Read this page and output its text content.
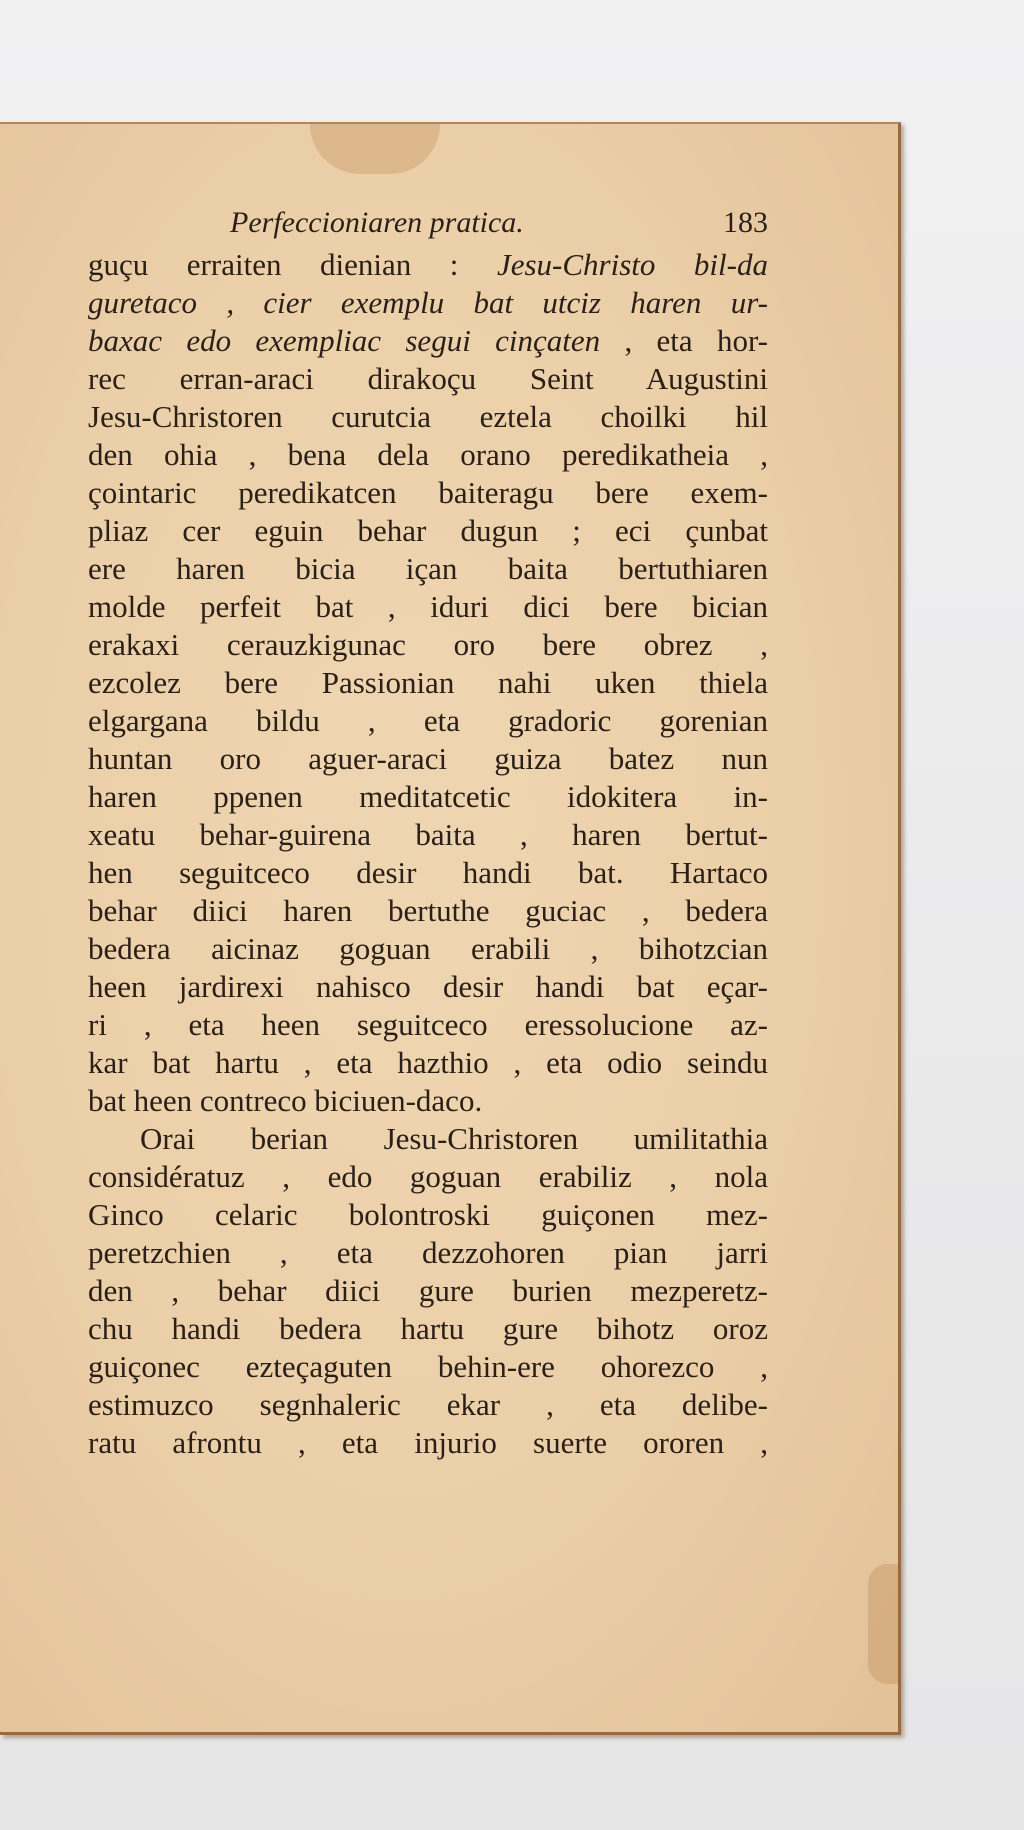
Perfeccioniaren pratica.	183
guçu erraiten dienian : Jesu-Christo bil-da
guretaco , cier exemplu bat utciz haren ur-
baxac edo exempliac segui cinçaten , eta hor-
rec erran-araci dirakoçu Seint Augustini
Jesu-Christoren curutcia eztela choilki hil
den ohia , bena dela orano peredikatheia ,
çointaric peredikatcen baiteragu bere exem-
pliaz cer eguin behar dugun ; eci çunbat
ere haren bicia içan baita bertuthiaren
molde perfeit bat , iduri dici bere bician
erakaxi cerauzkigunac oro bere obrez ,
ezcolez bere Passionian nahi uken thiela
elgargana bildu , eta gradoric gorenian
huntan oro aguer-araci guiza batez nun
haren ppenen meditatcetic idokitera in-
xeatu behar-guirena baita , haren bertut-
hen seguitceco desir handi bat. Hartaco
behar diici haren bertuthe guciac , bedera
bedera aicinaz goguan erabili , bihotzcian
heen jardirexi nahisco desir handi bat eçar-
ri , eta heen seguitceco eressolucione az-
kar bat hartu , eta hazthio , eta odio seindu
bat heen contreco biciuen-daco.
Orai berian Jesu-Christoren umilitathia
considératuz , edo goguan erabiliz , nola
Ginco celaric bolontroski guiçonen mez-
peretzchien , eta dezzohoren pian jarri
den , behar diici gure burien mezperetz-
chu handi bedera hartu gure bihotz oroz
guiçonec ezteçaguten behin-ere ohorezco ,
estimuzco segnhaleric ekar , eta delibe-
ratu afrontu , eta injurio suerte ororen ,
